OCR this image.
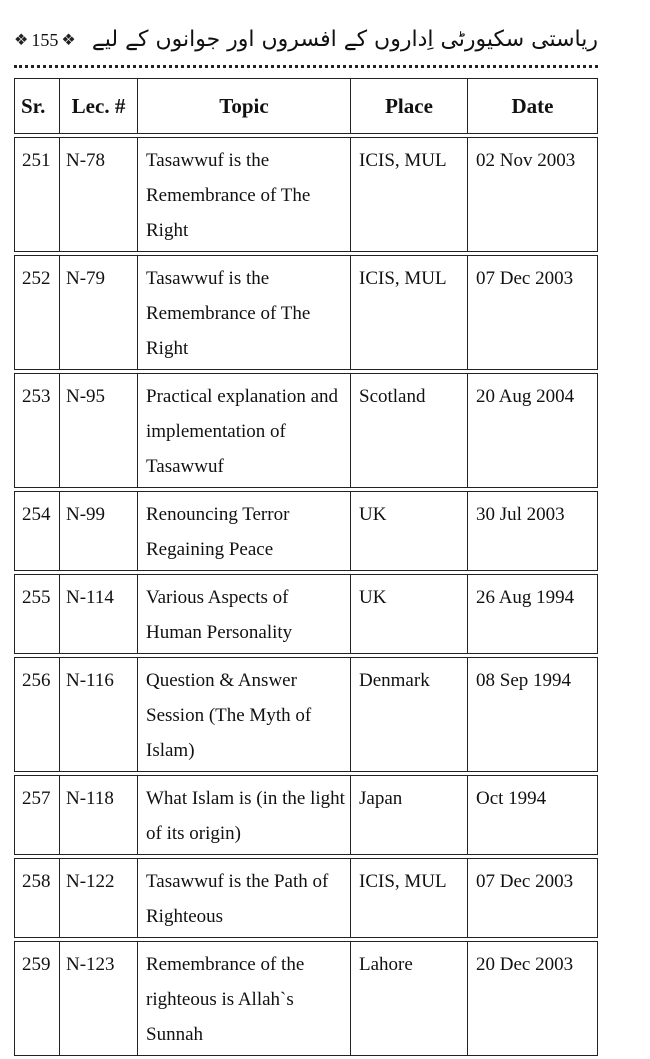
❖ 155 ❖ ریاستی سکیورٹی اِداروں کے افسروں اور جوانوں کے لیے
Sr.	Lec. #	Topic	Place	Date
251	N-78	Tasawwuf is the Remembrance of The Right	ICIS, MUL	02 Nov 2003
252	N-79	Tasawwuf is the Remembrance of The Right	ICIS, MUL	07 Dec 2003
253	N-95	Practical explanation and implementation of Tasawwuf	Scotland	20 Aug 2004
254	N-99	Renouncing Terror Regaining Peace	UK	30 Jul 2003
255	N-114	Various Aspects of Human Personality	UK	26 Aug 1994
256	N-116	Question & Answer Session (The Myth of Islam)	Denmark	08 Sep 1994
257	N-118	What Islam is (in the light of its origin)	Japan	Oct 1994
258	N-122	Tasawwuf is the Path of Righteous	ICIS, MUL	07 Dec 2003
259	N-123	Remembrance of the righteous is Allah`s Sunnah	Lahore	20 Dec 2003
